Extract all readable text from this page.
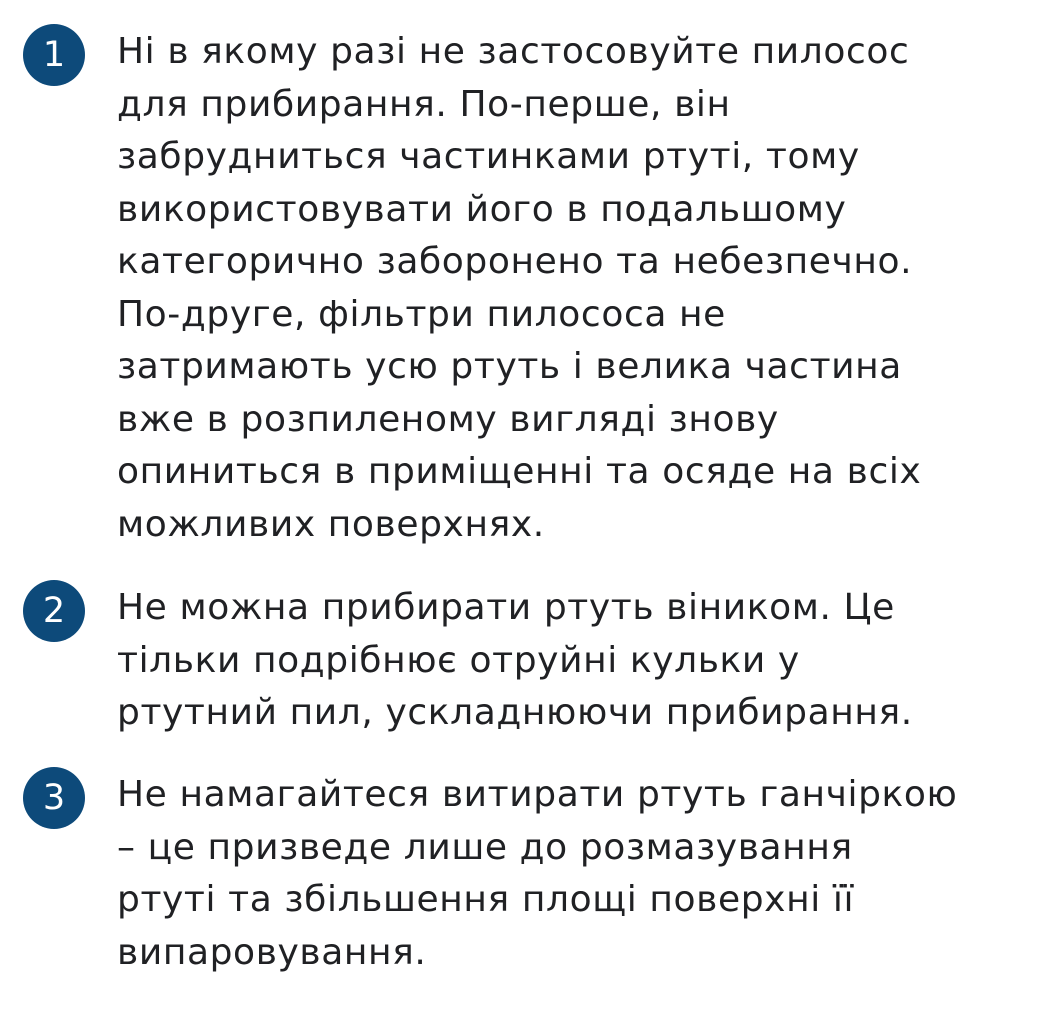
1	Ні в якому разі не застосовуйте пилосос
для прибирання. По-перше, він
забрудниться частинками ртуті, тому
використовувати його в подальшому
категорично заборонено та небезпечно.
По-друге, фільтри пилососа не
затримають усю ртуть і велика частина
вже в розпиленому вигляді знову
опиниться в приміщенні та осяде на всіх
можливих поверхнях.

2	Не можна прибирати ртуть віником. Це
тільки подрібнює отруйні кульки у
ртутний пил, ускладнюючи прибирання.

3	Не намагайтеся витирати ртуть ганчіркою
– це призведе лише до розмазування
ртуті та збільшення площі поверхні її
випаровування.
